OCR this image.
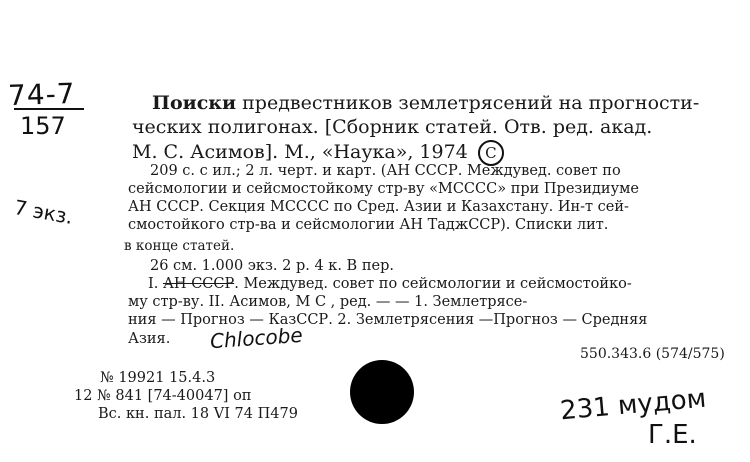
74-7
157
7 экз.
Поиски предвестников землетрясений на прогности-
ческих полигонах. [Сборник статей. Отв. ред. акад.
М. С. Асимов]. М., «Наука», 1974 С
209 с. с ил.; 2 л. черт. и карт. (АН СССР. Междувед. совет по
сейсмологии и сейсмостойкому стр-ву «МСССС» при Президиуме
АН СССР. Секция МСССС по Сред. Азии и Казахстану. Ин-т сей-
смостойкого стр-ва и сейсмологии АН ТаджССР). Списки лит.
в конце статей.
26 см. 1.000 экз. 2 р. 4 к. В пер.
I. АН СССР. Междувед. совет по сейсмологии и сейсмостойко-
му стр-ву. II. Асимов, М С , ред. — — 1. Землетрясе-
ния — Прогноз — КазССР. 2. Землетрясения —Прогноз — Средняя
Азия. Chlocobe
550.343.6 (574/575)
№ 19921 15.4.3
12 № 841 [74-40047] оп
Вс. кн. пал. 18 VI 74 П479	231 мудом
Г.Е.
